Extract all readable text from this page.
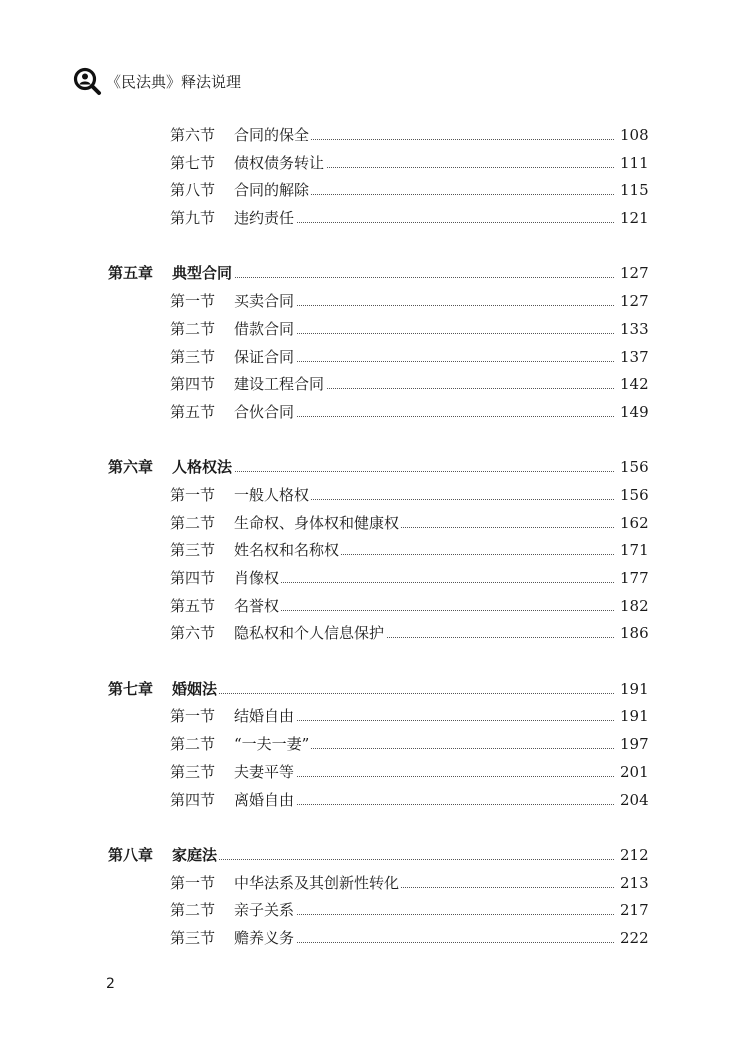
《民法典》释法说理
第六节 合同的保全	108
第七节 债权债务转让	111
第八节 合同的解除	115
第九节 违约责任	121
第五章 典型合同	127
第一节 买卖合同	127
第二节 借款合同	133
第三节 保证合同	137
第四节 建设工程合同	142
第五节 合伙合同	149
第六章 人格权法	156
第一节 一般人格权	156
第二节 生命权、身体权和健康权	162
第三节 姓名权和名称权	171
第四节 肖像权	177
第五节 名誉权	182
第六节 隐私权和个人信息保护	186
第七章 婚姻法	191
第一节 结婚自由	191
第二节 “一夫一妻”	197
第三节 夫妻平等	201
第四节 离婚自由	204
第八章 家庭法	212
第一节 中华法系及其创新性转化	213
第二节 亲子关系	217
第三节 赡养义务	222
2
